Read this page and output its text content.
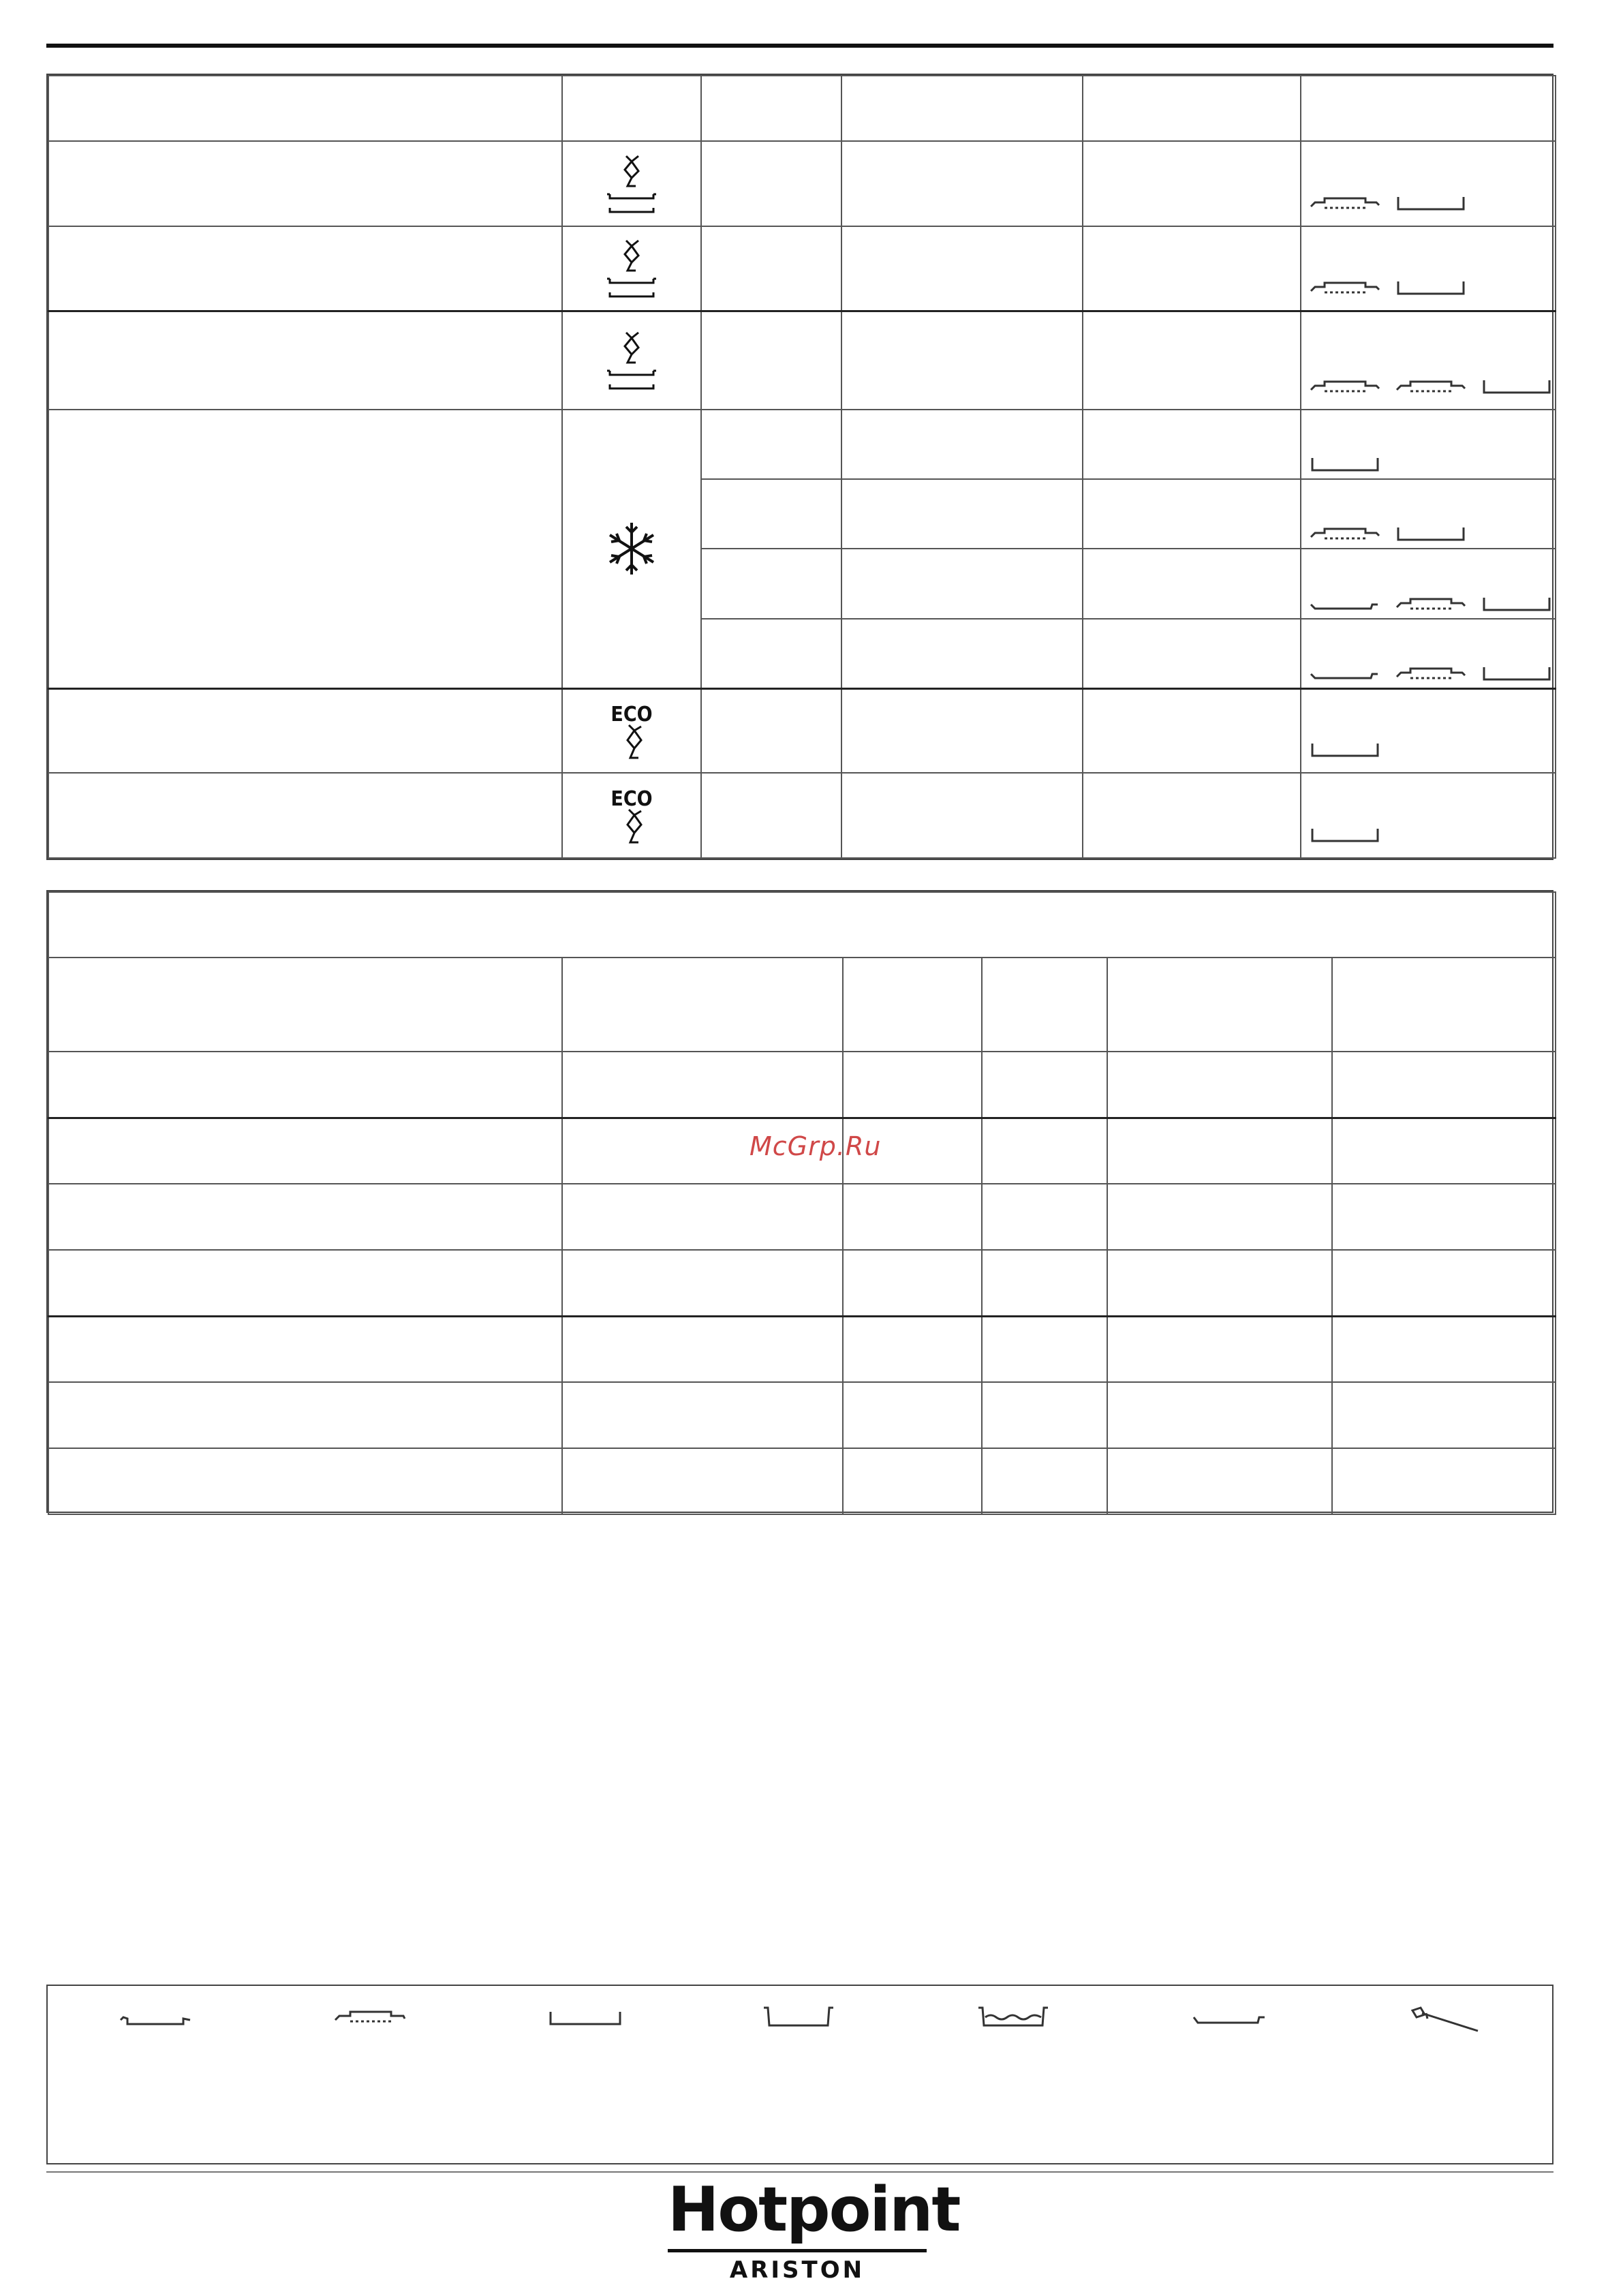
ECO

ECO

McGrp.Ru
Hotpoint
ARISTON
